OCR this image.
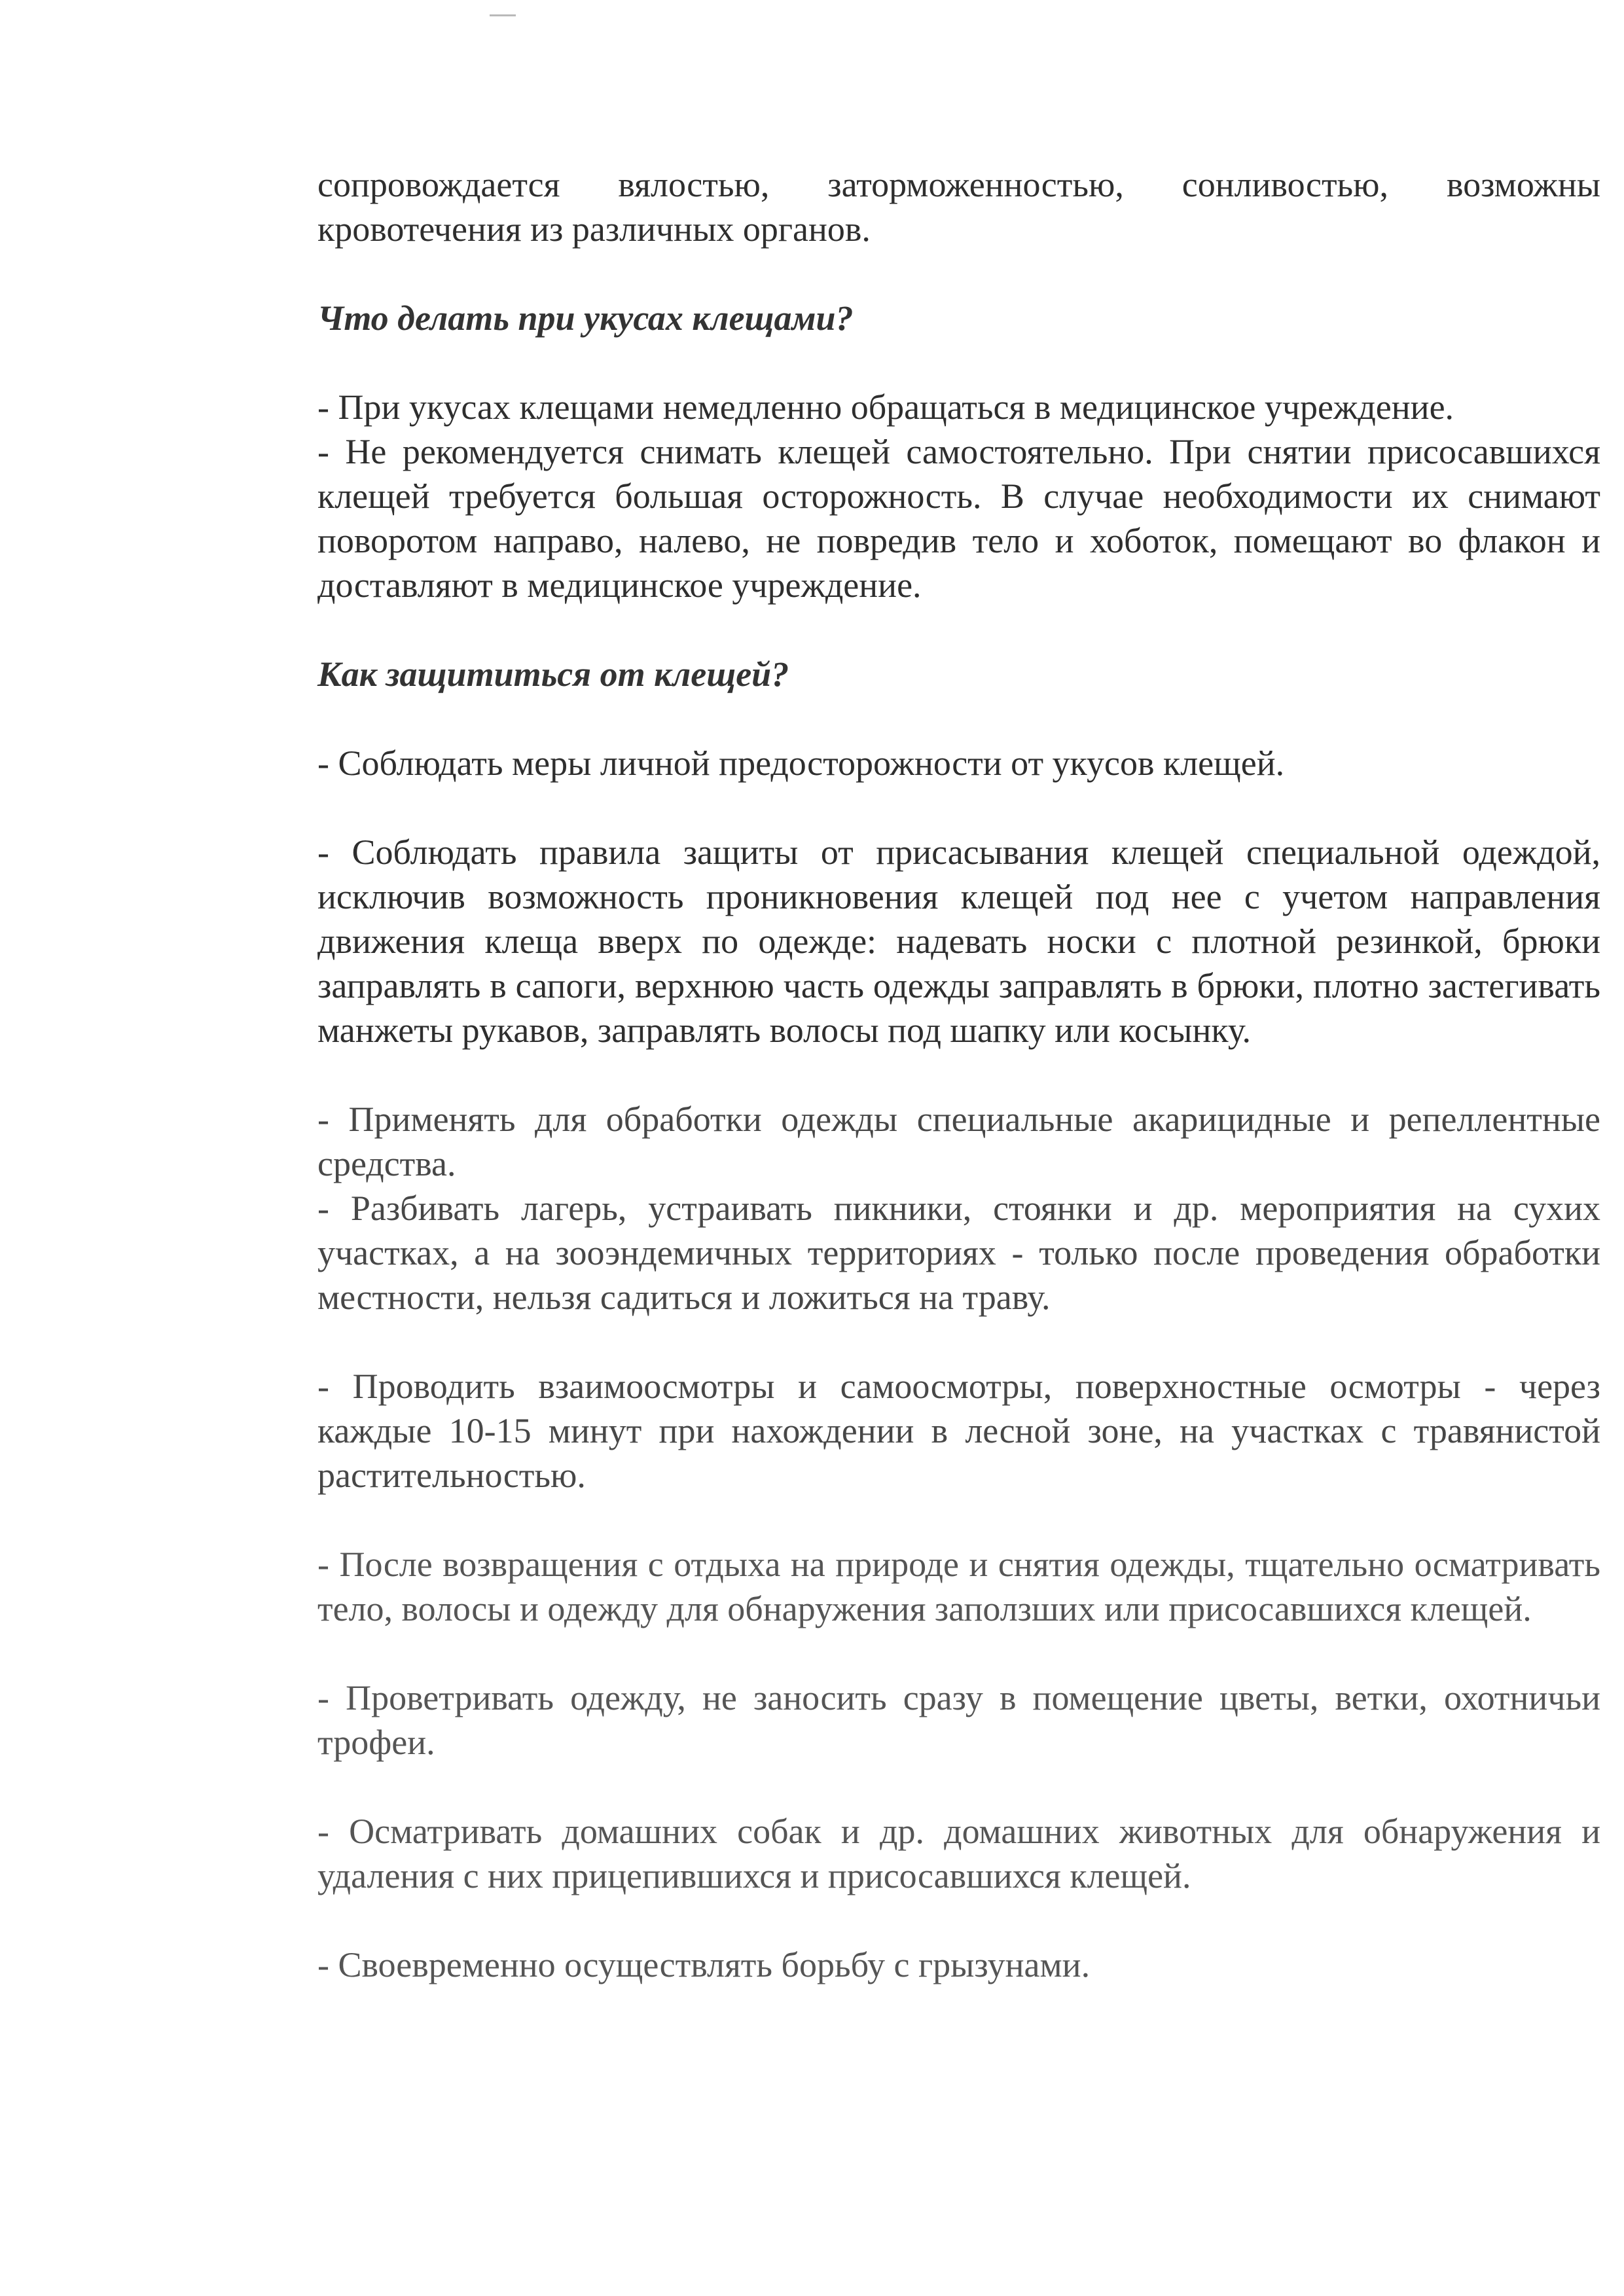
сопровождается вялостью, заторможенностью, сонливостью, возможны кровотечения из различных органов.

Что делать при укусах клещами?

- При укусах клещами немедленно обращаться в медицинское учреждение.

- Не рекомендуется снимать клещей самостоятельно. При снятии присосавшихся клещей требуется большая осторожность. В случае необходимости их снимают поворотом направо, налево, не повредив тело и хоботок, помещают во флакон и доставляют в медицинское учреждение.

Как защититься от клещей?

- Соблюдать меры личной предосторожности от укусов клещей.

- Соблюдать правила защиты от присасывания клещей специальной одеждой, исключив возможность проникновения клещей под нее с учетом направления движения клеща вверх по одежде: надевать носки с плотной резинкой, брюки заправлять в сапоги, верхнюю часть одежды заправлять в брюки, плотно застегивать манжеты рукавов, заправлять волосы под шапку или косынку.

- Применять для обработки одежды специальные акарицидные и репеллентные средства.

- Разбивать лагерь, устраивать пикники, стоянки и др. мероприятия на сухих участках, а на зооэндемичных территориях - только после проведения обработки местности, нельзя садиться и ложиться на траву.

- Проводить взаимоосмотры и самоосмотры, поверхностные осмотры - через каждые 10-15 минут при нахождении в лесной зоне, на участках с травянистой растительностью.

- После возвращения с отдыха на природе и снятия одежды, тщательно осматривать тело, волосы и одежду для обнаружения заползших или присосавшихся клещей.

- Проветривать одежду, не заносить сразу в помещение цветы, ветки, охотничьи трофеи.

- Осматривать домашних собак и др. домашних животных для обнаружения и удаления с них прицепившихся и присосавшихся клещей.

- Своевременно осуществлять борьбу с грызунами.
